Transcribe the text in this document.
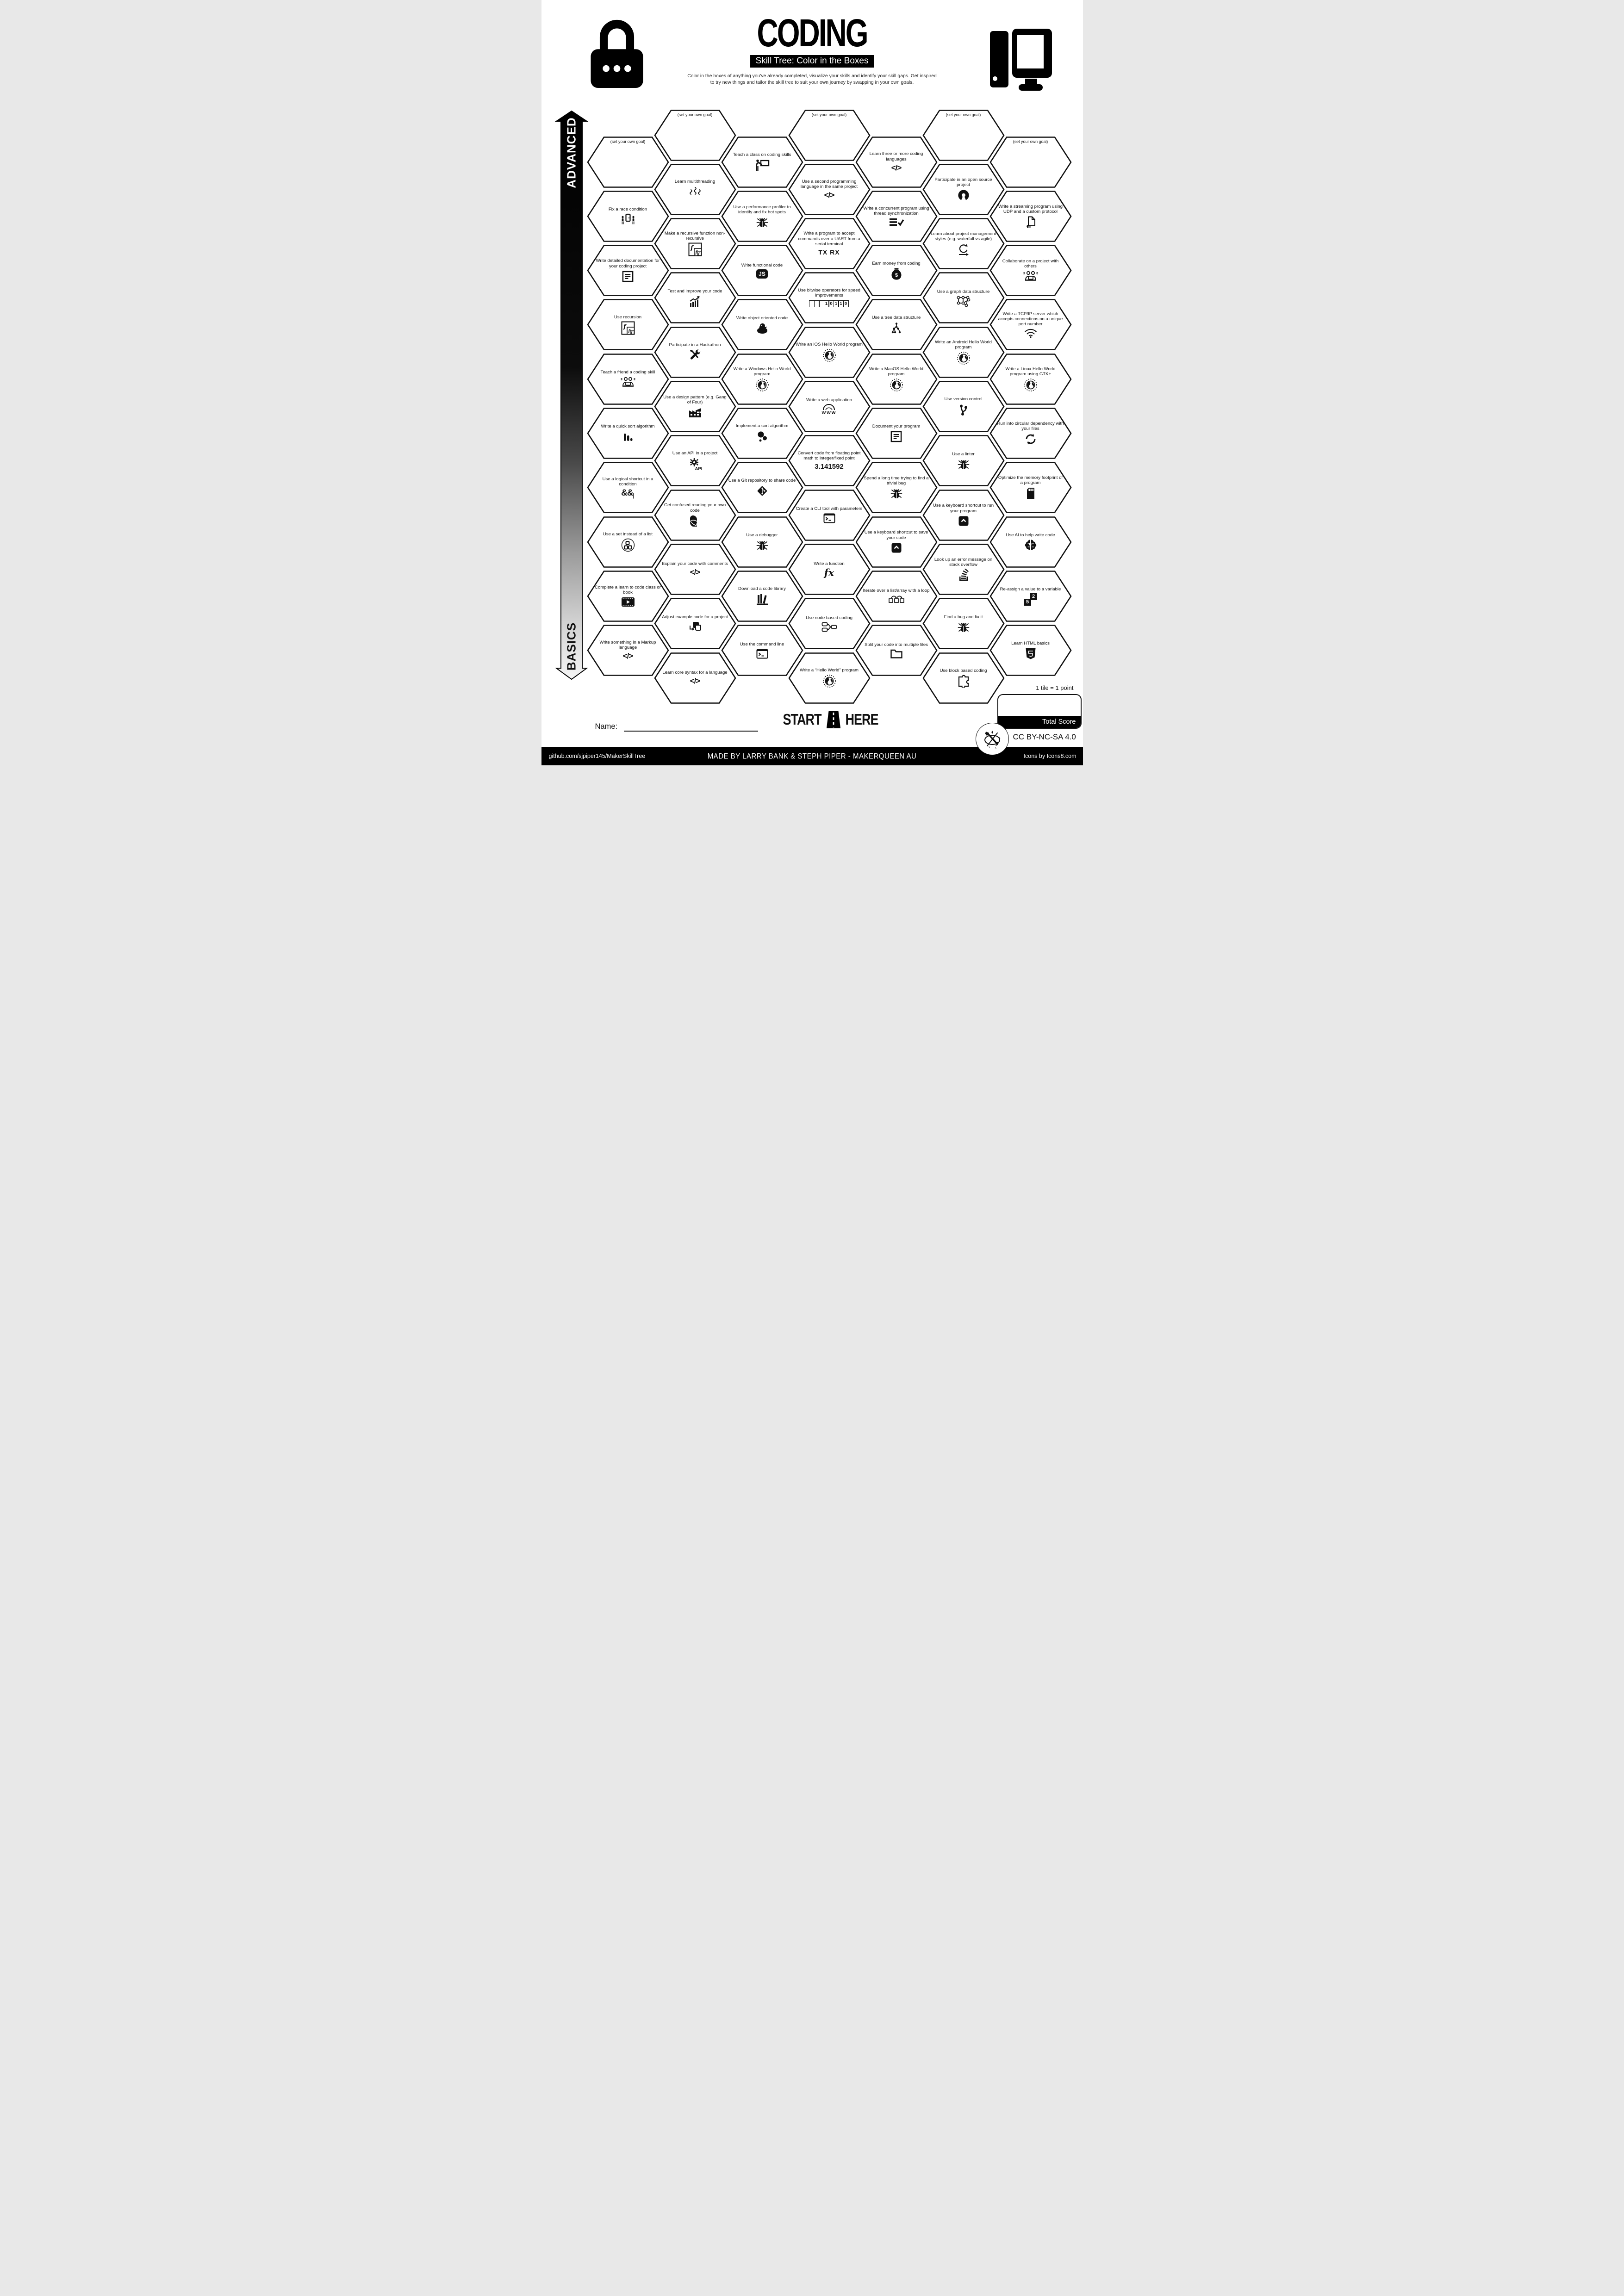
CODING
Skill Tree: Color in the Boxes
Color in the boxes of anything you've already completed, visualize your skills and identify your skill gaps. Get inspired
to try new things and tailor the skill tree to suit your own journey by swapping in your own goals.
ADVANCED
BASICS
(set your own goal)
Fix a race condition
Write detailed documentation for your coding project
Use recursion
f
f f
Teach a friend a coding skill
Write a quick sort algorithm
Use a logical shortcut in a condition
$\&\&_|$
Use a set instead of a list
Complete a learn to code class or book
Write something in a Markup language
</>
(set your own goal)
Learn multithreading
Make a recursive function non-recursive
f
f f
Test and improve your code
Participate in a Hackathon
Use a design pattern (e.g. Gang of Four)
Use an API in a project
API
Get confused reading your own code
Explain your code with comments
</>
Adjust example code for a project
Learn core syntax for a language
</>
Teach a class on coding skills
Use a performance profiler to identify and fix hot spots
Write functional code
JS
Write object oriented code
Write a Windows Hello World program
Implement a sort algorithm
Use a Git repository to share code
Use a debugger
Download a code library
Use the command line
(set your own goal)
Use a second programming language in the same project
</>
Write a program to accept commands over a UART from a serial terminal
TX RX
Use bitwise operators for speed improvements
1 0 1 1 0
Write an iOS Hello World program
Write a web application
www
Convert code from floating point math to integer/fixed point
3.141592
Create a CLI tool with parameters
Write a function
fx
Use node based coding
Write a “Hello World” program
Learn three or more coding languages
</>
Write a concurrent program using thread synchronization
Earn money from coding
$
Use a tree data structure
Write a MacOS Hello World program
Document your program
Spend a long time trying to find a trivial bug
Use a keyboard shortcut to save your code
Iterate over a list/array with a loop
Split your code into multiple files
(set your own goal)
Participate in an open source project
Learn about project management styles (e.g. waterfall vs agile)
Use a graph data structure
Write an Android Hello World program
Use version control
Use a linter
Use a keyboard shortcut to run your program
Look up an error message on stack overflow
Find a bug and fix it
Use block based coding
(set your own goal)
Write a streaming program using UDP and a custom protocol
Collaborate on a project with others
Write a TCP/IP server which accepts connections on a unique port number
Write a Linux Hello World program using GTK+
Run into circular dependency with your files
Optimize the memory footprint of a program
Use AI to help write code
Re-assign a value to a variable
2
5
Learn HTML basics
START HERE
Name:
1 tile = 1 point
Total Score
CC BY-NC-SA 4.0
github.com/sjpiper145/MakerSkillTree	MADE BY LARRY BANK & STEPH PIPER - MAKERQUEEN AU	Icons by Icons8.com
